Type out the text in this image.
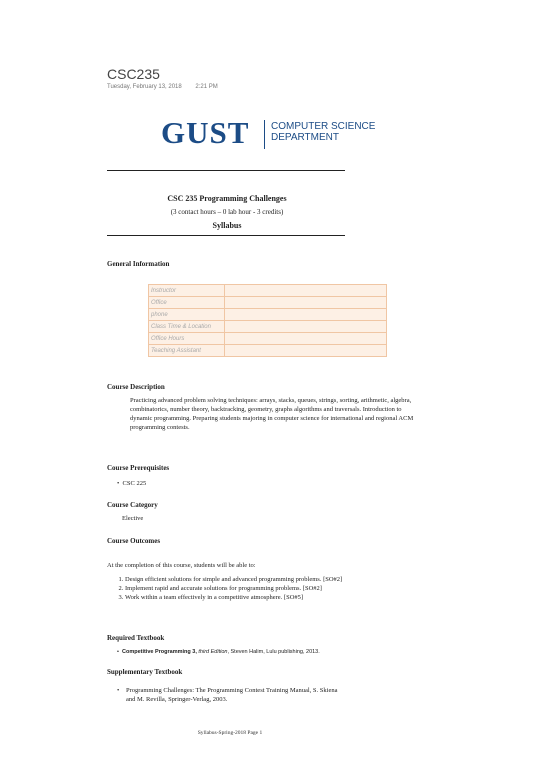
CSC235
Tuesday, February 13, 2018 2:21 PM
GUST COMPUTER SCIENCE
DEPARTMENT
CSC 235 Programming Challenges
(3 contact hours – 0 lab hour - 3 credits)
Syllabus
General Information
Instructor	
Office	
phone	
Class Time & Location	
Office Hours	
Teaching Assistant	
Course Description
Practicing advanced problem solving techniques: arrays, stacks, queues, strings, sorting, arithmetic, algebra, combinatorics, number theory, backtracking, geometry, graphs algorithms and traversals. Introduction to dynamic programming. Preparing students majoring in computer science for international and regional ACM programming contests.
Course Prerequisites
•  CSC 225
Course Category
Elective
Course Outcomes
At the completion of this course, students will be able to:
1. Design efficient solutions for simple and advanced programming problems. [SO#2]
2. Implement rapid and accurate solutions for programming problems. [SO#2]
3. Work within a team effectively in a competitive atmosphere. [SO#5]
Required Textbook
•  Competitive Programming 3, third Edition, Steven Halim, Lulu publishing, 2013.
Supplementary Textbook
• Programming Challenges: The Programming Contest Training Manual, S. Skiena and M. Revilla, Springer-Verlag, 2003.
Syllabus-Spring-2018 Page 1
